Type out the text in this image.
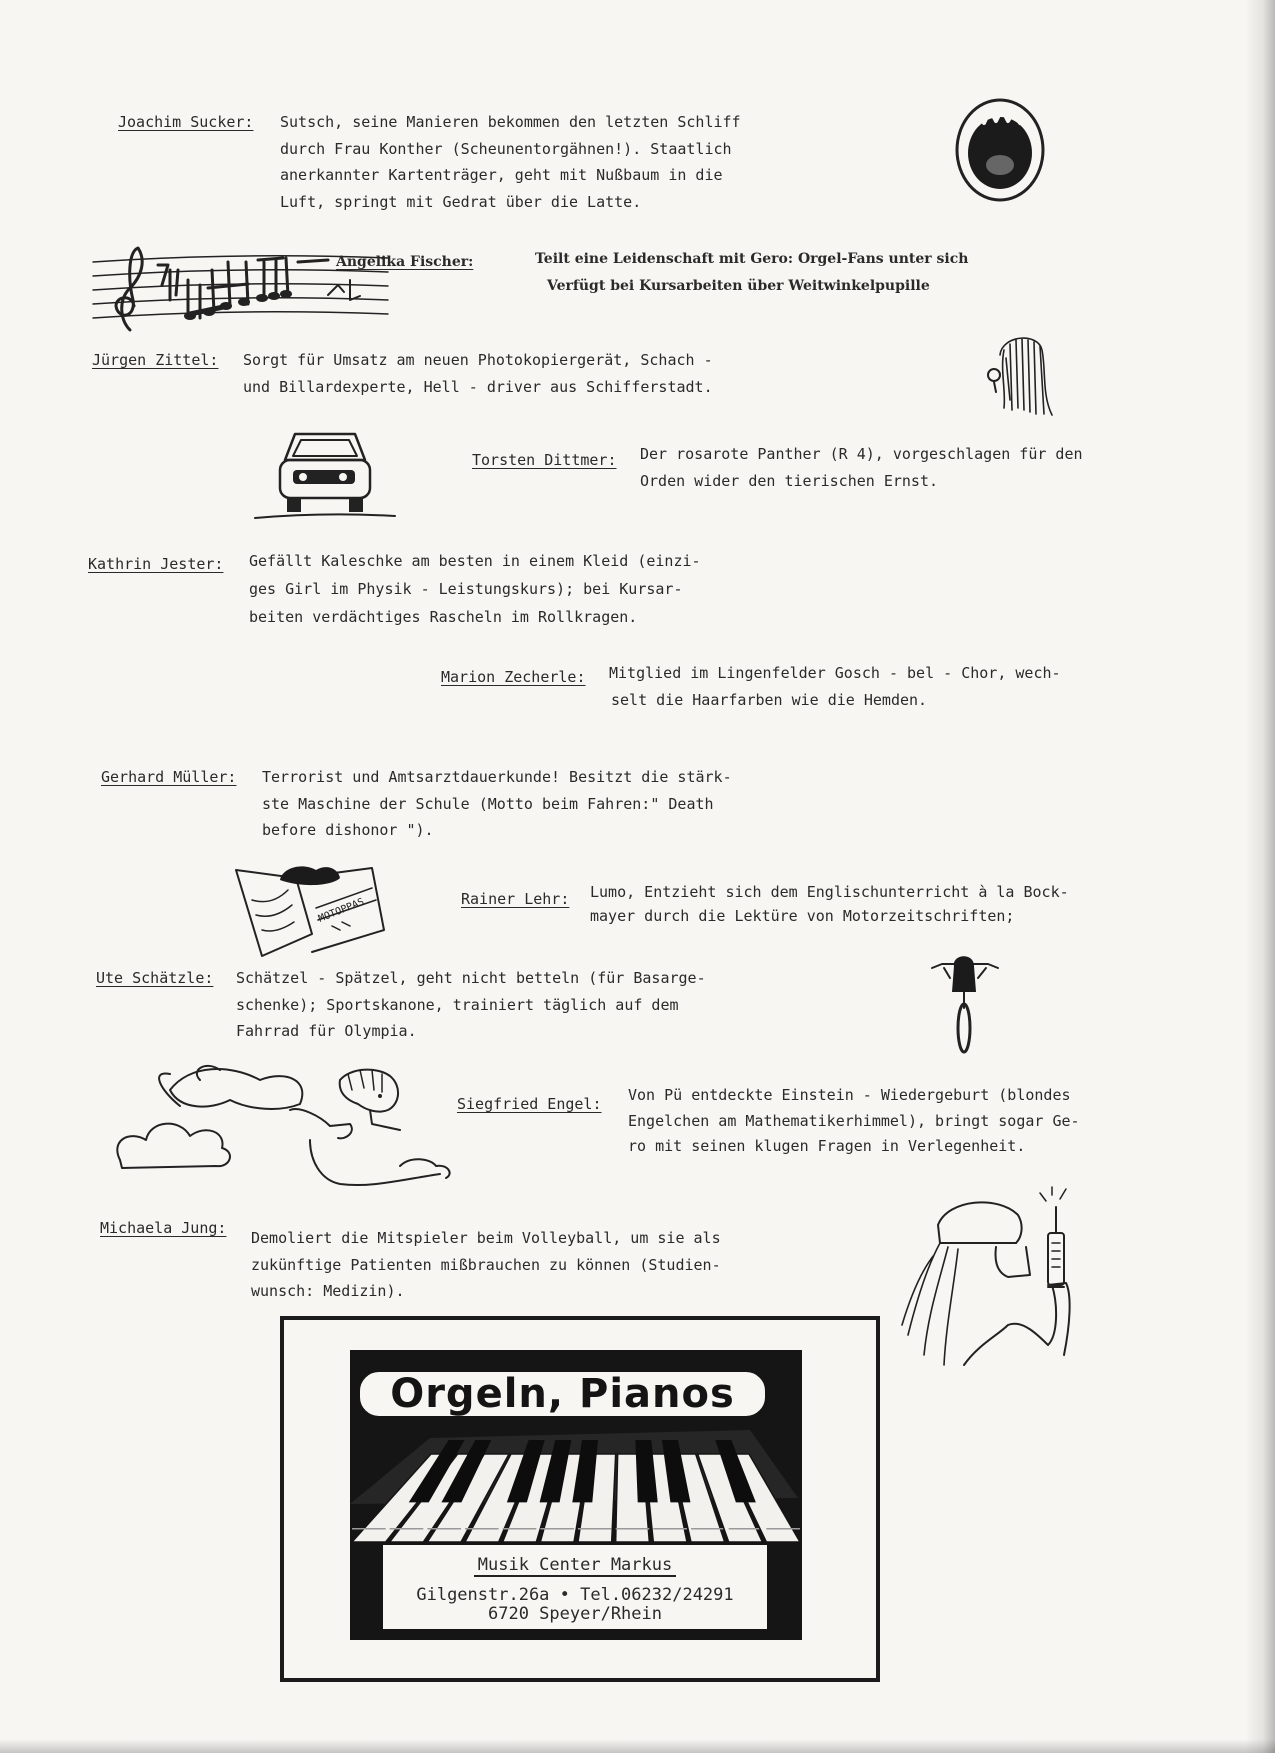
Joachim Sucker: Sutsch, seine Manieren bekommen den letzten Schliff
durch Frau Konther (Scheunentorgähnen!). Staatlich
anerkannter Kartenträger, geht mit Nußbaum in die
Luft, springt mit Gedrat über die Latte.
Angelika Fischer:	Teilt eine Leidenschaft mit Gero: Orgel-Fans unter sich
Verfügt bei Kursarbeiten über Weitwinkelpupille
Jürgen Zittel: Sorgt für Umsatz am neuen Photokopiergerät, Schach -
und Billardexperte, Hell - driver aus Schifferstadt.
Torsten Dittmer: Der rosarote Panther (R 4), vorgeschlagen für den
Orden wider den tierischen Ernst.
Kathrin Jester: Gefällt Kaleschke am besten in einem Kleid (einzi-
ges Girl im Physik - Leistungskurs); bei Kursar-
beiten verdächtiges Rascheln im Rollkragen.
Marion Zecherle: Mitglied im Lingenfelder Gosch - bel - Chor, wech-
selt die Haarfarben wie die Hemden.
Gerhard Müller: Terrorist und Amtsarztdauerkunde! Besitzt die stärk-
ste Maschine der Schule (Motto beim Fahren:" Death
before dishonor ").
MOTOPPAS	Rainer Lehr: Lumo, Entzieht sich dem Englischunterricht à la Bock-
mayer durch die Lektüre von Motorzeitschriften;
Ute Schätzle: Schätzel - Spätzel, geht nicht betteln (für Basarge-
schenke); Sportskanone, trainiert täglich auf dem
Fahrrad für Olympia.
Siegfried Engel: Von Pü entdeckte Einstein - Wiedergeburt (blondes
Engelchen am Mathematikerhimmel), bringt sogar Ge-
ro mit seinen klugen Fragen in Verlegenheit.
Michaela Jung:
Demoliert die Mitspieler beim Volleyball, um sie als
zukünftige Patienten mißbrauchen zu können (Studien-
wunsch: Medizin).
Orgeln, Pianos
Musik Center Markus
Gilgenstr.26a • Tel.06232/24291
6720 Speyer/Rhein
